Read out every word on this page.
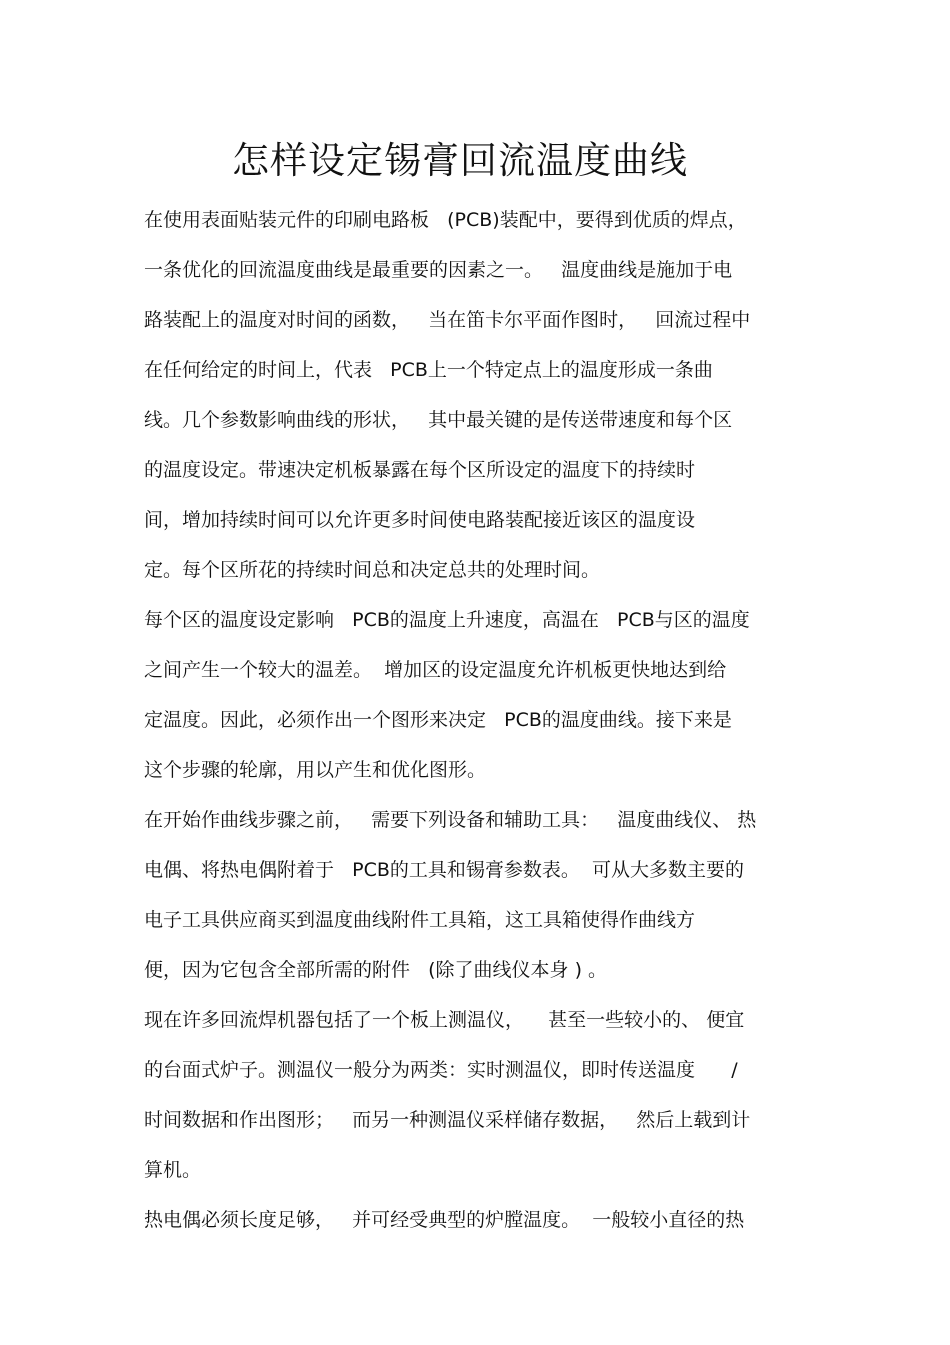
怎样设定锡膏回流温度曲线
在使用表面贴装元件的印刷电路板   (PCB)装配中，要得到优质的焊点，
一条优化的回流温度曲线是最重要的因素之一。   温度曲线是施加于电
路装配上的温度对时间的函数，   当在笛卡尔平面作图时，   回流过程中
在任何给定的时间上，代表   PCB上一个特定点上的温度形成一条曲
线。几个参数影响曲线的形状，   其中最关键的是传送带速度和每个区
的温度设定。带速决定机板暴露在每个区所设定的温度下的持续时
间，增加持续时间可以允许更多时间使电路装配接近该区的温度设
定。每个区所花的持续时间总和决定总共的处理时间。
每个区的温度设定影响   PCB的温度上升速度，高温在   PCB与区的温度
之间产生一个较大的温差。  增加区的设定温度允许机板更快地达到给
定温度。因此，必须作出一个图形来决定   PCB的温度曲线。接下来是
这个步骤的轮廓，用以产生和优化图形。
在开始作曲线步骤之前，   需要下列设备和辅助工具：   温度曲线仪、 热
电偶、将热电偶附着于   PCB的工具和锡膏参数表。  可从大多数主要的
电子工具供应商买到温度曲线附件工具箱，这工具箱使得作曲线方
便，因为它包含全部所需的附件   (除了曲线仪本身 ) 。
现在许多回流焊机器包括了一个板上测温仪，    甚至一些较小的、 便宜
的台面式炉子。测温仪一般分为两类：实时测温仪，即时传送温度      /
时间数据和作出图形；   而另一种测温仪采样储存数据，   然后上载到计
算机。
热电偶必须长度足够，   并可经受典型的炉膛温度。  一般较小直径的热
